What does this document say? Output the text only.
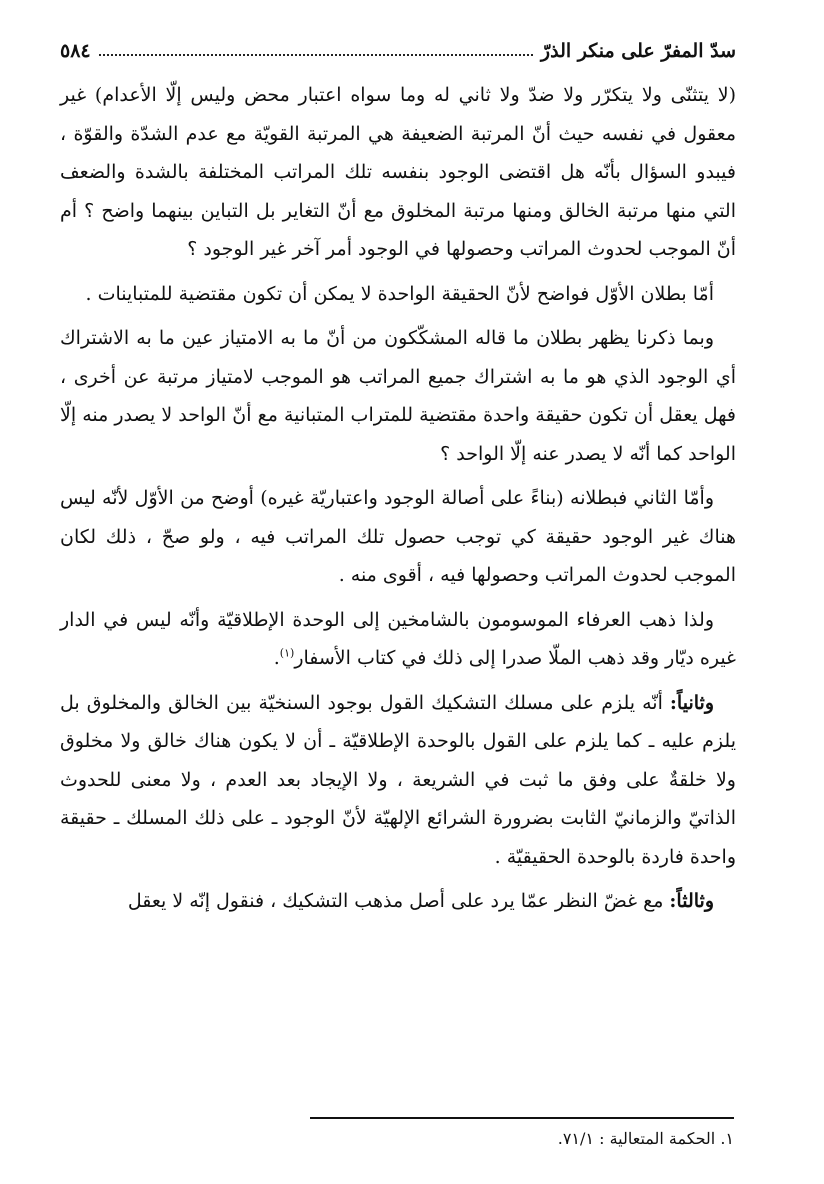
سدّ المفرّ على منكر الذرّ
٥٨٤

(لا يتثنّى ولا يتكرّر ولا ضدّ ولا ثاني له وما سواه اعتبار محض وليس إلّا الأعدام) غير معقول في نفسه حيث أنّ المرتبة الضعيفة هي المرتبة القويّة مع عدم الشدّة والقوّة ، فيبدو السؤال بأنّه هل اقتضى الوجود بنفسه تلك المراتب المختلفة بالشدة والضعف التي منها مرتبة الخالق ومنها مرتبة المخلوق مع أنّ التغاير بل التباين بينهما واضح ؟ أم أنّ الموجب لحدوث المراتب وحصولها في الوجود أمر آخر غير الوجود ؟

أمّا بطلان الأوّل فواضح لأنّ الحقيقة الواحدة لا يمكن أن تكون مقتضية للمتباينات .

وبما ذكرنا يظهر بطلان ما قاله المشكّكون من أنّ ما به الامتياز عين ما به الاشتراك أي الوجود الذي هو ما به اشتراك جميع المراتب هو الموجب لامتياز مرتبة عن أخرى ، فهل يعقل أن تكون حقيقة واحدة مقتضية للمتراب المتبانية مع أنّ الواحد لا يصدر منه إلّا الواحد كما أنّه لا يصدر عنه إلّا الواحد ؟

وأمّا الثاني فبطلانه (بناءً على أصالة الوجود واعتباريّة غيره) أوضح من الأوّل لأنّه ليس هناك غير الوجود حقيقة كي توجب حصول تلك المراتب فيه ، ولو صحّ ، ذلك لكان الموجب لحدوث المراتب وحصولها فيه ، أقوى منه .

ولذا ذهب العرفاء الموسومون بالشامخين إلى الوحدة الإطلاقيّة وأنّه ليس في الدار غيره ديّار وقد ذهب الملّا صدرا إلى ذلك في كتاب الأسفار$^{(١)}$.

وثانياً: أنّه يلزم على مسلك التشكيك القول بوجود السنخيّة بين الخالق والمخلوق بل يلزم عليه ـ كما يلزم على القول بالوحدة الإطلاقيّة ـ أن لا يكون هناك خالق ولا مخلوق ولا خلقةٌ على وفق ما ثبت في الشريعة ، ولا الإيجاد بعد العدم ، ولا معنى للحدوث الذاتيّ والزمانيّ الثابت بضرورة الشرائع الإلهيّة لأنّ الوجود ـ على ذلك المسلك ـ حقيقة واحدة فاردة بالوحدة الحقيقيّة .

وثالثاً: مع غضّ النظر عمّا يرد على أصل مذهب التشكيك ، فنقول إنّه لا يعقل

١. الحكمة المتعالية : ٧١/١.
